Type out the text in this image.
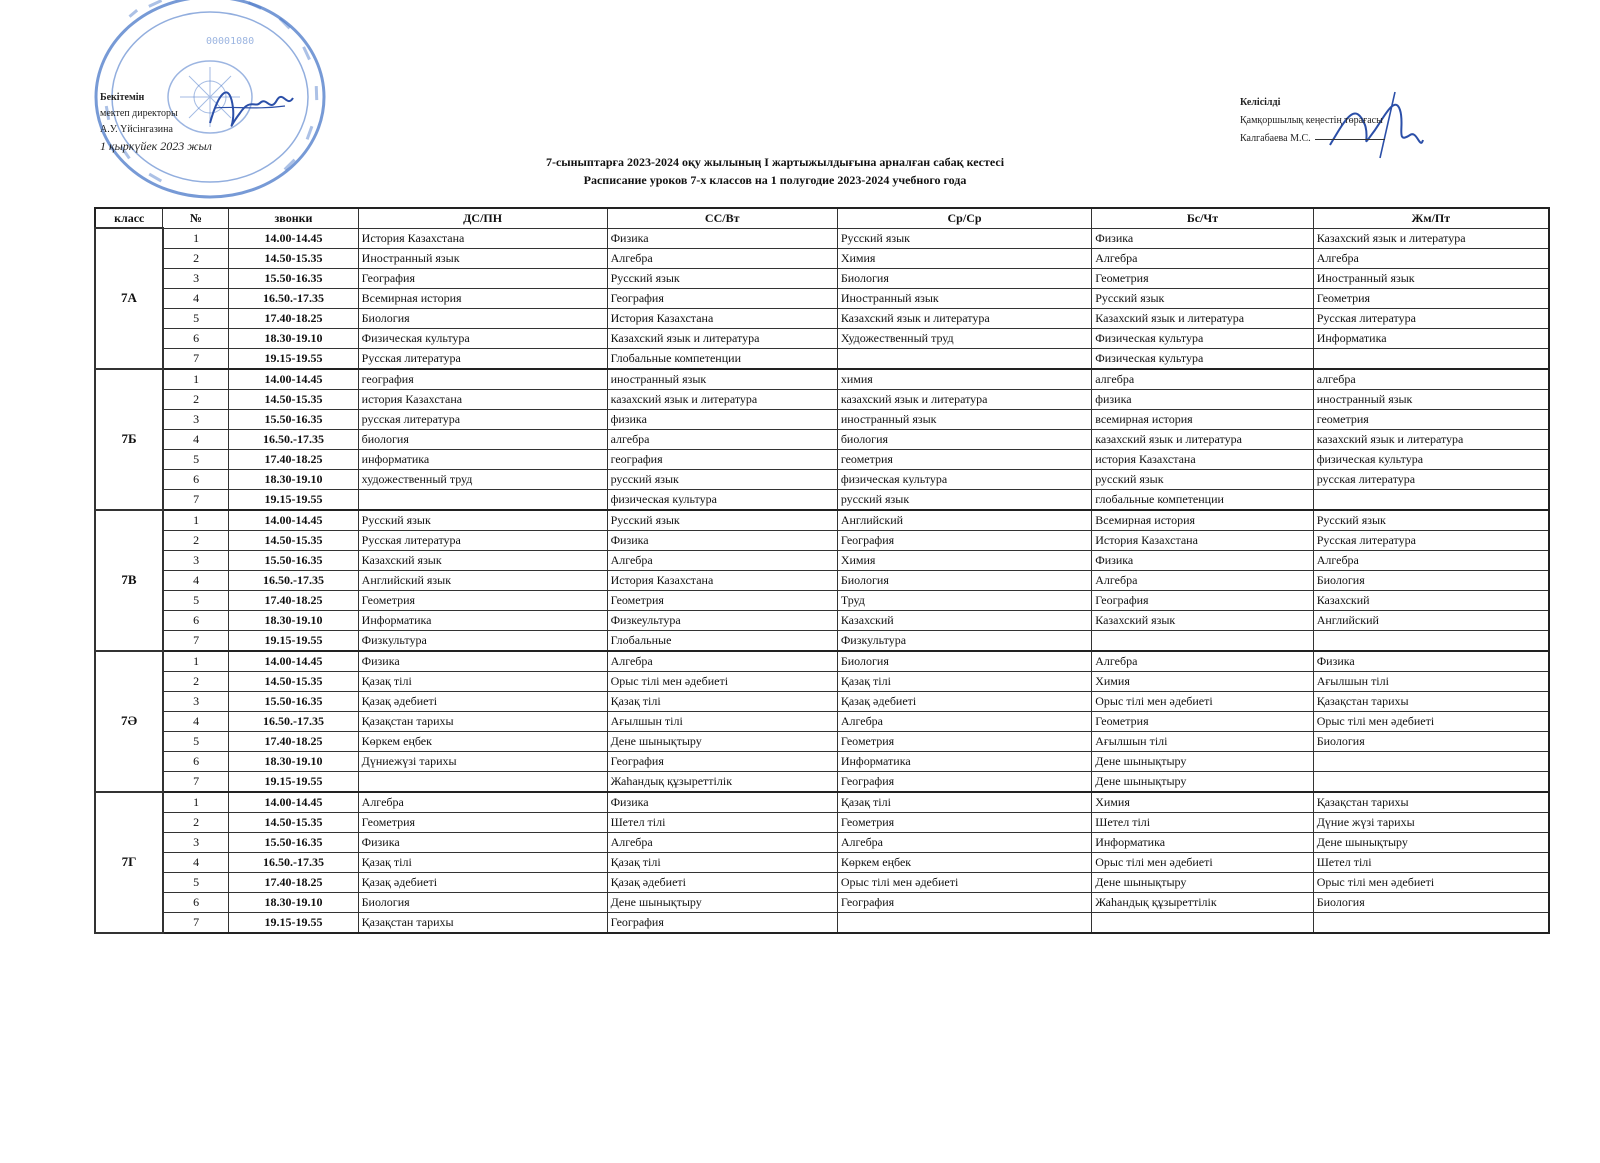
00001080
Бекітемін
мектеп директоры
А.У. Үйсінгазина
1 қыркүйек 2023 жыл
Келісілді
Қамқоршылық кеңестің төрағасы
Калгабаева М.С.
7-сыныптарға 2023-2024 оқу жылының І жартыжылдығына арналған сабақ кестесі
Расписание уроков 7-х классов на 1 полугодие 2023-2024 учебного года
класс	№	звонки	ДС/ПН	СС/Вт	Ср/Ср	Бс/Чт	Жм/Пт
7А	1	14.00-14.45	История Казахстана	Физика	Русский язык	Физика	Казахский язык и литература
	2	14.50-15.35	Иностранный язык	Алгебра	Химия	Алгебра	Алгебра
	3	15.50-16.35	География	Русский язык	Биология	Геометрия	Иностранный язык
	4	16.50.-17.35	Всемирная история	География	Иностранный язык	Русский язык	Геометрия
	5	17.40-18.25	Биология	История Казахстана	Казахский язык и литература	Казахский язык и литература	Русская литература
	6	18.30-19.10	Физическая культура	Казахский язык и литература	Художественный труд	Физическая культура	Информатика
	7	19.15-19.55	Русская литература	Глобальные компетенции		Физическая культура	
7Б	1	14.00-14.45	география	иностранный язык	химия	алгебра	алгебра
	2	14.50-15.35	история Казахстана	казахский язык и литература	казахский язык и литература	физика	иностранный язык
	3	15.50-16.35	русская литература	физика	иностранный язык	всемирная история	геометрия
	4	16.50.-17.35	биология	алгебра	биология	казахский язык и литература	казахский язык и литература
	5	17.40-18.25	информатика	география	геометрия	история Казахстана	физическая культура
	6	18.30-19.10	художественный труд	русский язык	физическая культура	русский язык	русская литература
	7	19.15-19.55		физическая культура	русский язык	глобальные компетенции	
7В	1	14.00-14.45	Русский язык	Русский язык	Английский	Всемирная история	Русский язык
	2	14.50-15.35	Русская литература	Физика	География	История Казахстана	Русская литература
	3	15.50-16.35	Казахский язык	Алгебра	Химия	Физика	Алгебра
	4	16.50.-17.35	Английский язык	История Казахстана	Биология	Алгебра	Биология
	5	17.40-18.25	Геометрия	Геометрия	Труд	География	Казахский
	6	18.30-19.10	Информатика	Физкеультура	Казахский	Казахский язык	Английский
	7	19.15-19.55	Физкультура	Глобальные	Физкультура		
7Ә	1	14.00-14.45	Физика	Алгебра	Биология	Алгебра	Физика
	2	14.50-15.35	Қазақ тілі	Орыс тілі мен әдебиеті	Қазақ тілі	Химия	Ағылшын тілі
	3	15.50-16.35	Қазақ әдебиеті	Қазақ тілі	Қазақ әдебиеті	Орыс тілі мен әдебиеті	Қазақстан тарихы
	4	16.50.-17.35	Қазақстан тарихы	Ағылшын тілі	Алгебра	Геометрия	Орыс тілі мен әдебиеті
	5	17.40-18.25	Көркем еңбек	Дене шынықтыру	Геометрия	Ағылшын тілі	Биология
	6	18.30-19.10	Дүниежүзі тарихы	География	Информатика	Дене шынықтыру	
	7	19.15-19.55		Жаһандық құзыреттілік	География	Дене шынықтыру	
7Г	1	14.00-14.45	Алгебра	Физика	Қазақ тілі	Химия	Қазақстан тарихы
	2	14.50-15.35	Геометрия	Шетел тілі	Геометрия	Шетел тілі	Дүние жүзі тарихы
	3	15.50-16.35	Физика	Алгебра	Алгебра	Информатика	Дене шынықтыру
	4	16.50.-17.35	Қазақ тілі	Қазақ тілі	Көркем еңбек	Орыс тілі мен әдебиеті	Шетел тілі
	5	17.40-18.25	Қазақ әдебиеті	Қазақ әдебиеті	Орыс тілі мен әдебиеті	Дене шынықтыру	Орыс тілі мен әдебиеті
	6	18.30-19.10	Биология	Дене шынықтыру	География	Жаһандық құзыреттілік	Биология
	7	19.15-19.55	Қазақстан тарихы	География			
